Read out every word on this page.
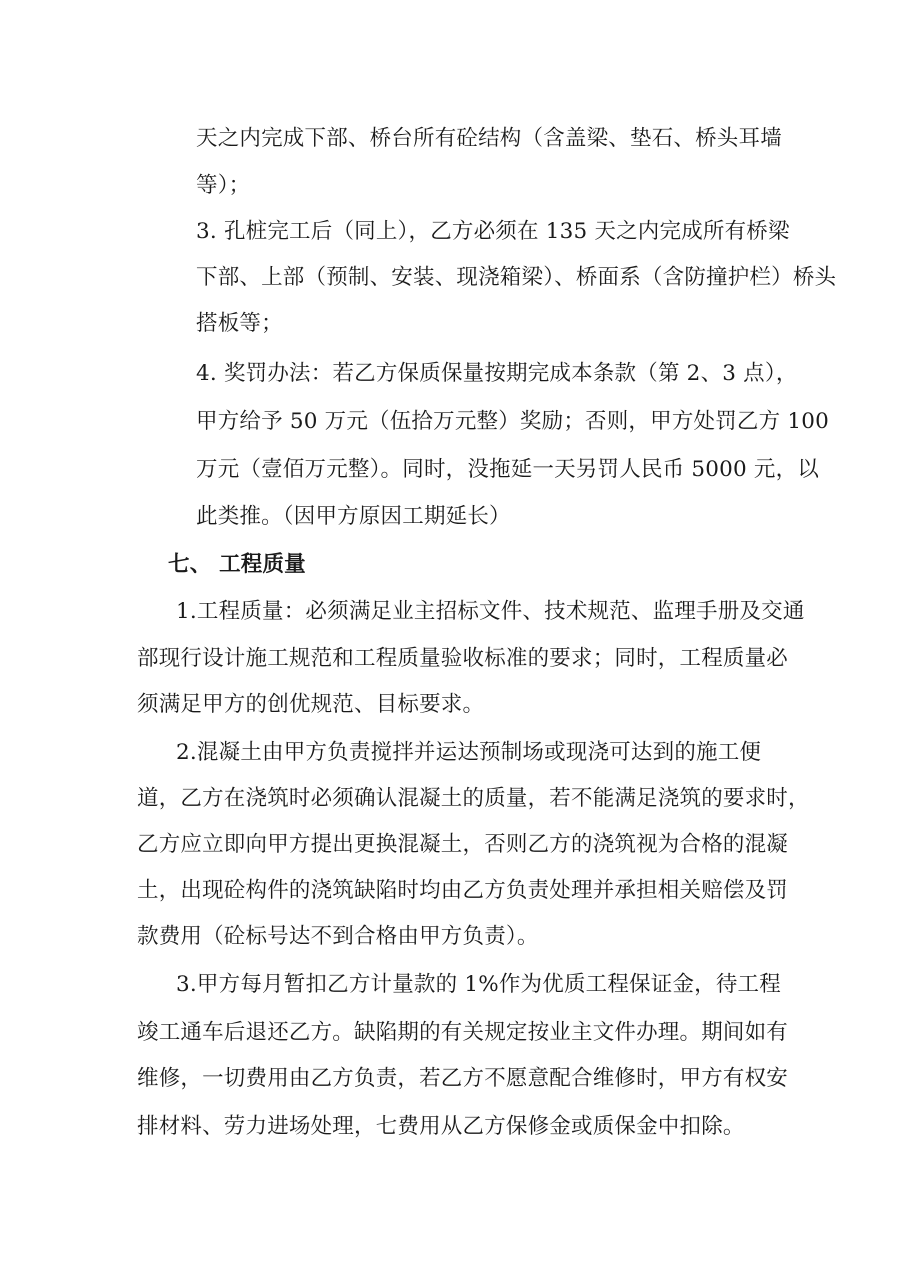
天之内完成下部、桥台所有砼结构（含盖梁、垫石、桥头耳墙
等）；
3. 孔桩完工后（同上），乙方必须在 135 天之内完成所有桥梁
下部、上部（预制、安装、现浇箱梁）、桥面系（含防撞护栏）桥头
搭板等；
4. 奖罚办法：若乙方保质保量按期完成本条款（第 2、3 点），
甲方给予 50 万元（伍拾万元整）奖励；否则，甲方处罚乙方 100
万元（壹佰万元整）。同时，没拖延一天另罚人民币 5000 元，以
此类推。（因甲方原因工期延长）
七、 工程质量
1.工程质量：必须满足业主招标文件、技术规范、监理手册及交通
部现行设计施工规范和工程质量验收标准的要求；同时，工程质量必
须满足甲方的创优规范、目标要求。
2.混凝土由甲方负责搅拌并运达预制场或现浇可达到的施工便
道，乙方在浇筑时必须确认混凝土的质量，若不能满足浇筑的要求时，
乙方应立即向甲方提出更换混凝土，否则乙方的浇筑视为合格的混凝
土，出现砼构件的浇筑缺陷时均由乙方负责处理并承担相关赔偿及罚
款费用（砼标号达不到合格由甲方负责）。
3.甲方每月暂扣乙方计量款的 1%作为优质工程保证金，待工程
竣工通车后退还乙方。缺陷期的有关规定按业主文件办理。期间如有
维修，一切费用由乙方负责，若乙方不愿意配合维修时，甲方有权安
排材料、劳力进场处理，七费用从乙方保修金或质保金中扣除。
